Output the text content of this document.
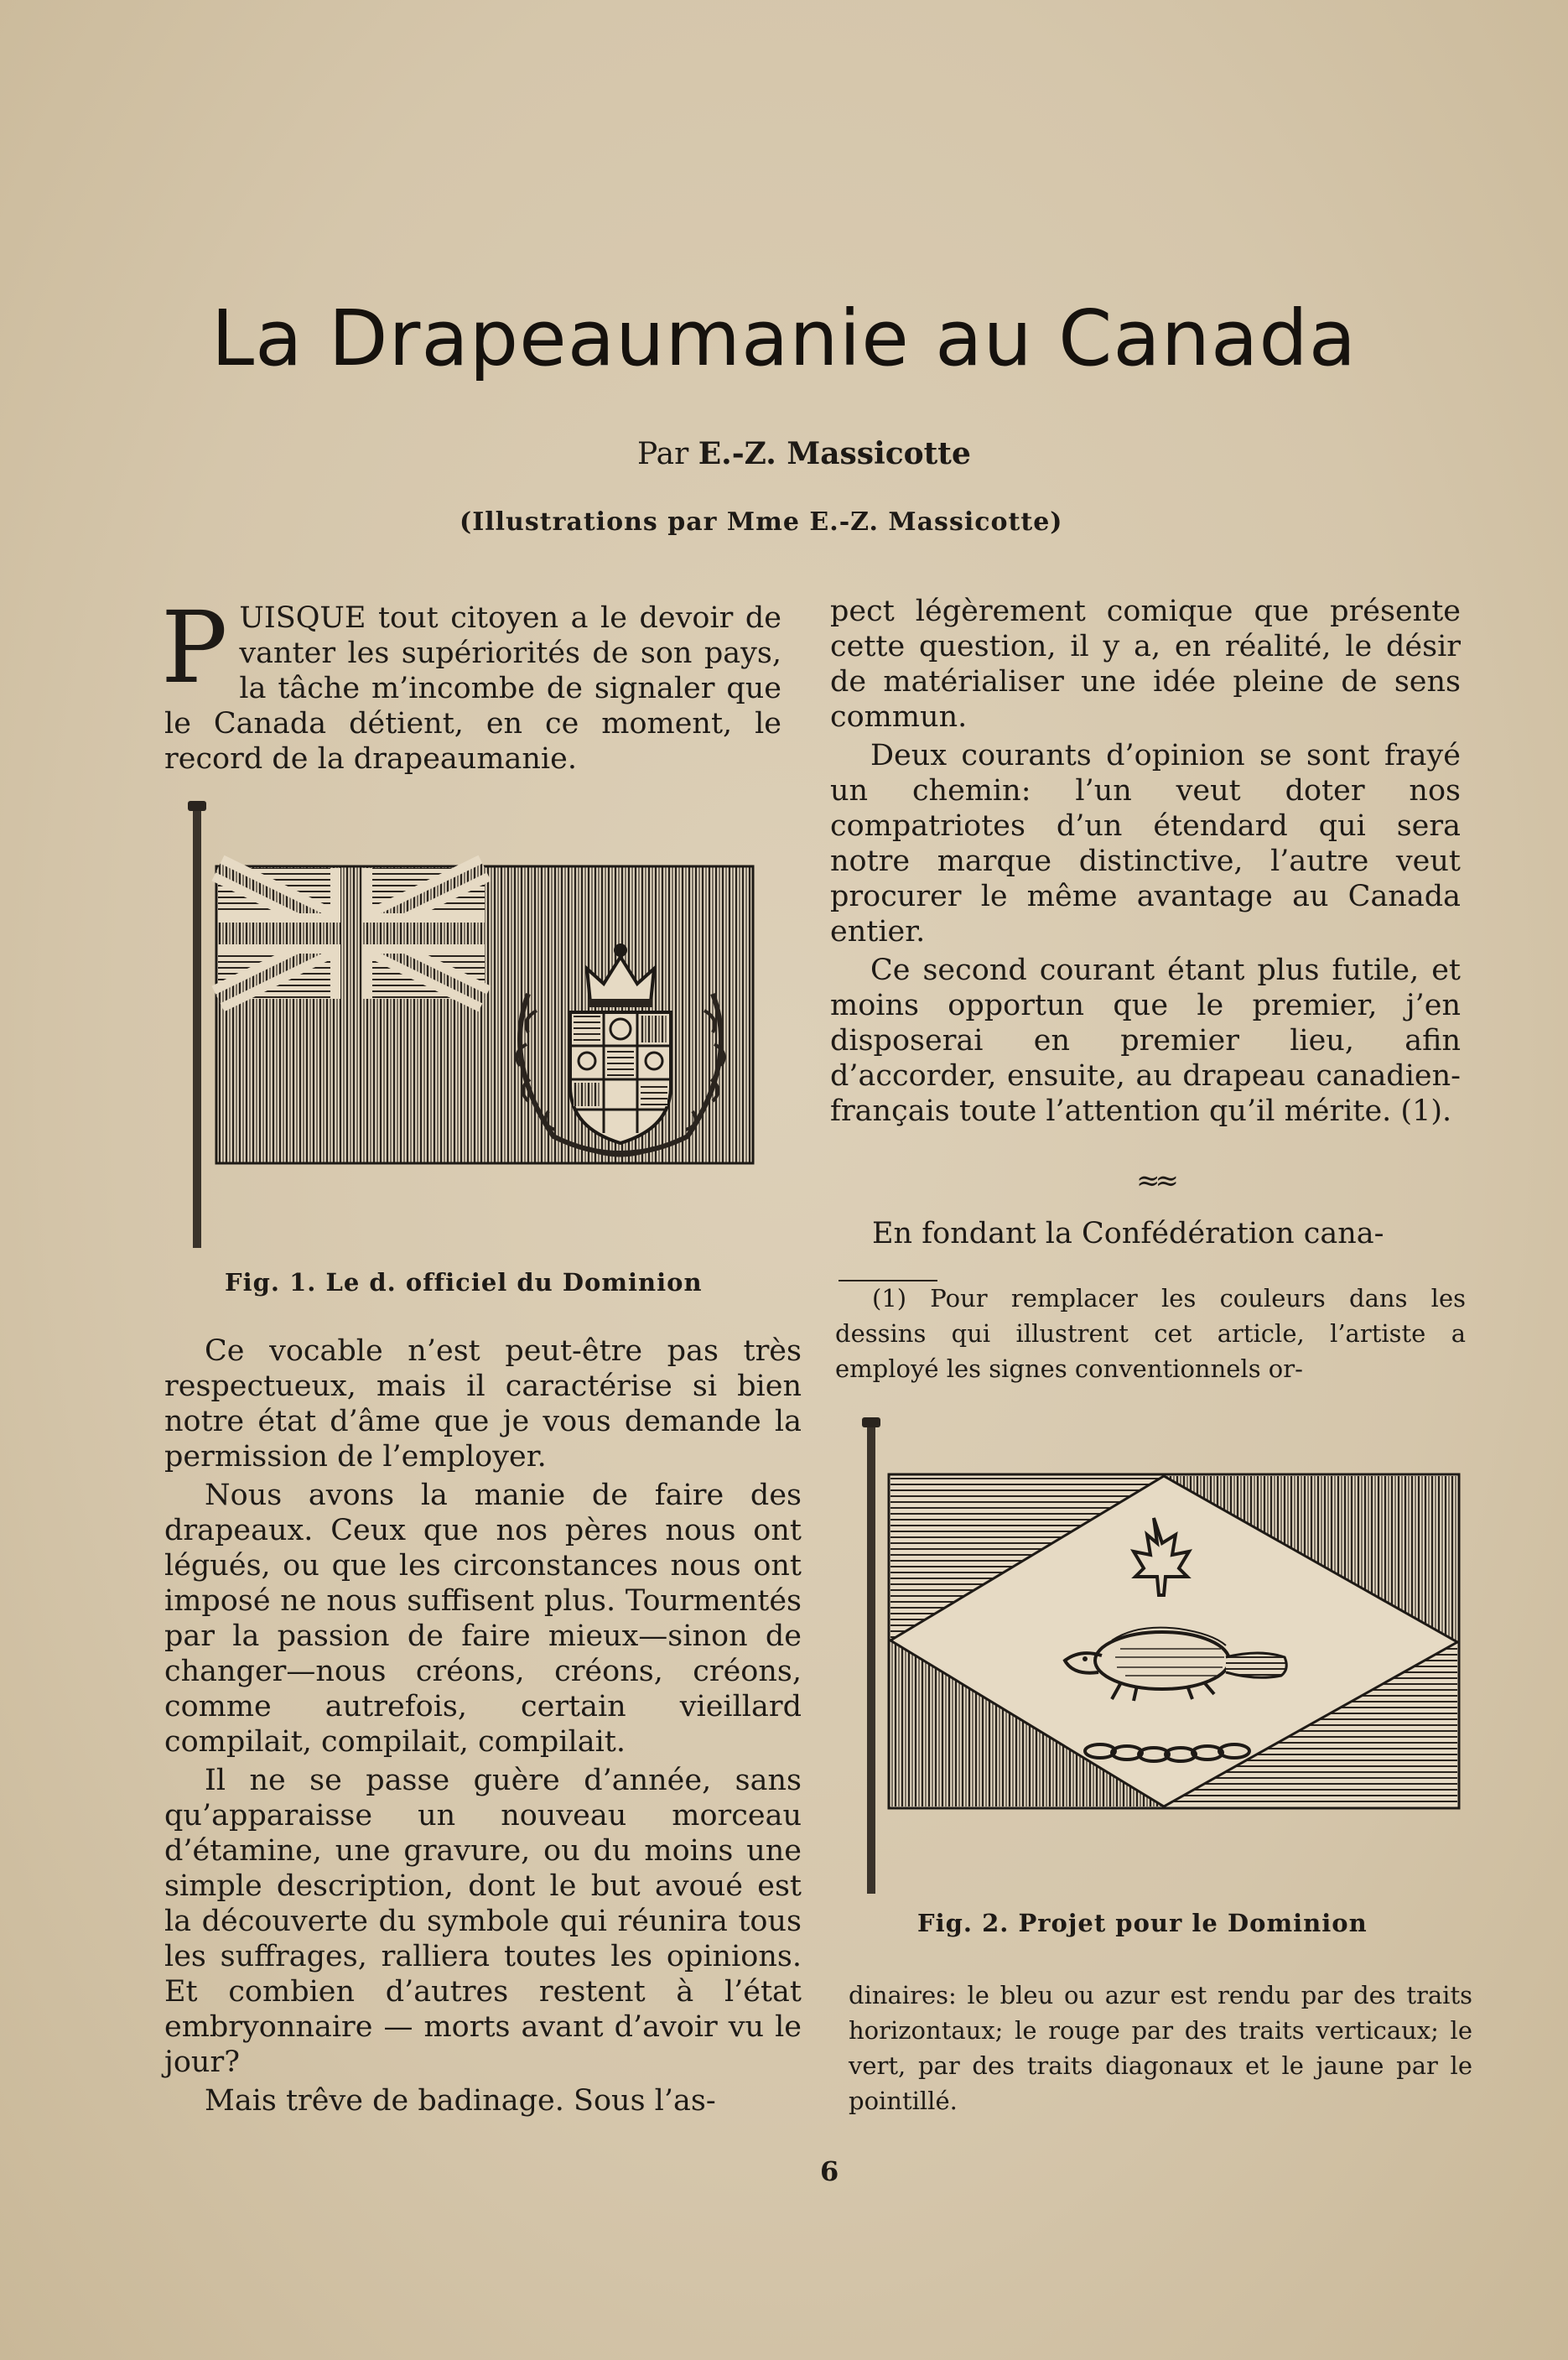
La Drapeaumanie au Canada
Par E.-Z. Massicotte
(Illustrations par Mme E.-Z. Massicotte)
P UISQUE tout citoyen a le devoir de vanter les supériorités de son pays, la tâche m’incombe de signaler que le Canada détient, en ce moment, le record de la drapeaumanie.
Fig. 1. Le d. officiel du Dominion

Ce vocable n’est peut-être pas très respectueux, mais il caractérise si bien notre état d’âme que je vous demande la permission de l’employer.

Nous avons la manie de faire des drapeaux. Ceux que nos pères nous ont légués, ou que les circonstances nous ont imposé ne nous suffisent plus. Tourmentés par la passion de faire mieux—sinon de changer—nous créons, créons, créons, comme autrefois, certain vieillard compilait, compilait, compilait.

Il ne se passe guère d’année, sans qu’apparaisse un nouveau morceau d’étamine, une gravure, ou du moins une simple description, dont le but avoué est la découverte du symbole qui réunira tous les suffrages, ralliera toutes les opinions. Et combien d’autres restent à l’état embryonnaire — morts avant d’avoir vu le jour?

Mais trêve de badinage. Sous l’as-

pect légèrement comique que présente cette question, il y a, en réalité, le désir de matérialiser une idée pleine de sens commun.

Deux courants d’opinion se sont frayé un chemin: l’un veut doter nos compatriotes d’un étendard qui sera notre marque distinctive, l’autre veut procurer le même avantage au Canada entier.

Ce second courant étant plus futile, et moins opportun que le premier, j’en disposerai en premier lieu, afin d’accorder, ensuite, au drapeau canadien-français toute l’attention qu’il mérite. (1).

≈≈
En fondant la Confédération cana-

(1) Pour remplacer les couleurs dans les dessins qui illustrent cet article, l’artiste a employé les signes conventionnels or-

Fig. 2. Projet pour le Dominion

dinaires: le bleu ou azur est rendu par des traits horizontaux; le rouge par des traits verticaux; le vert, par des traits diagonaux et le jaune par le pointillé.

6
